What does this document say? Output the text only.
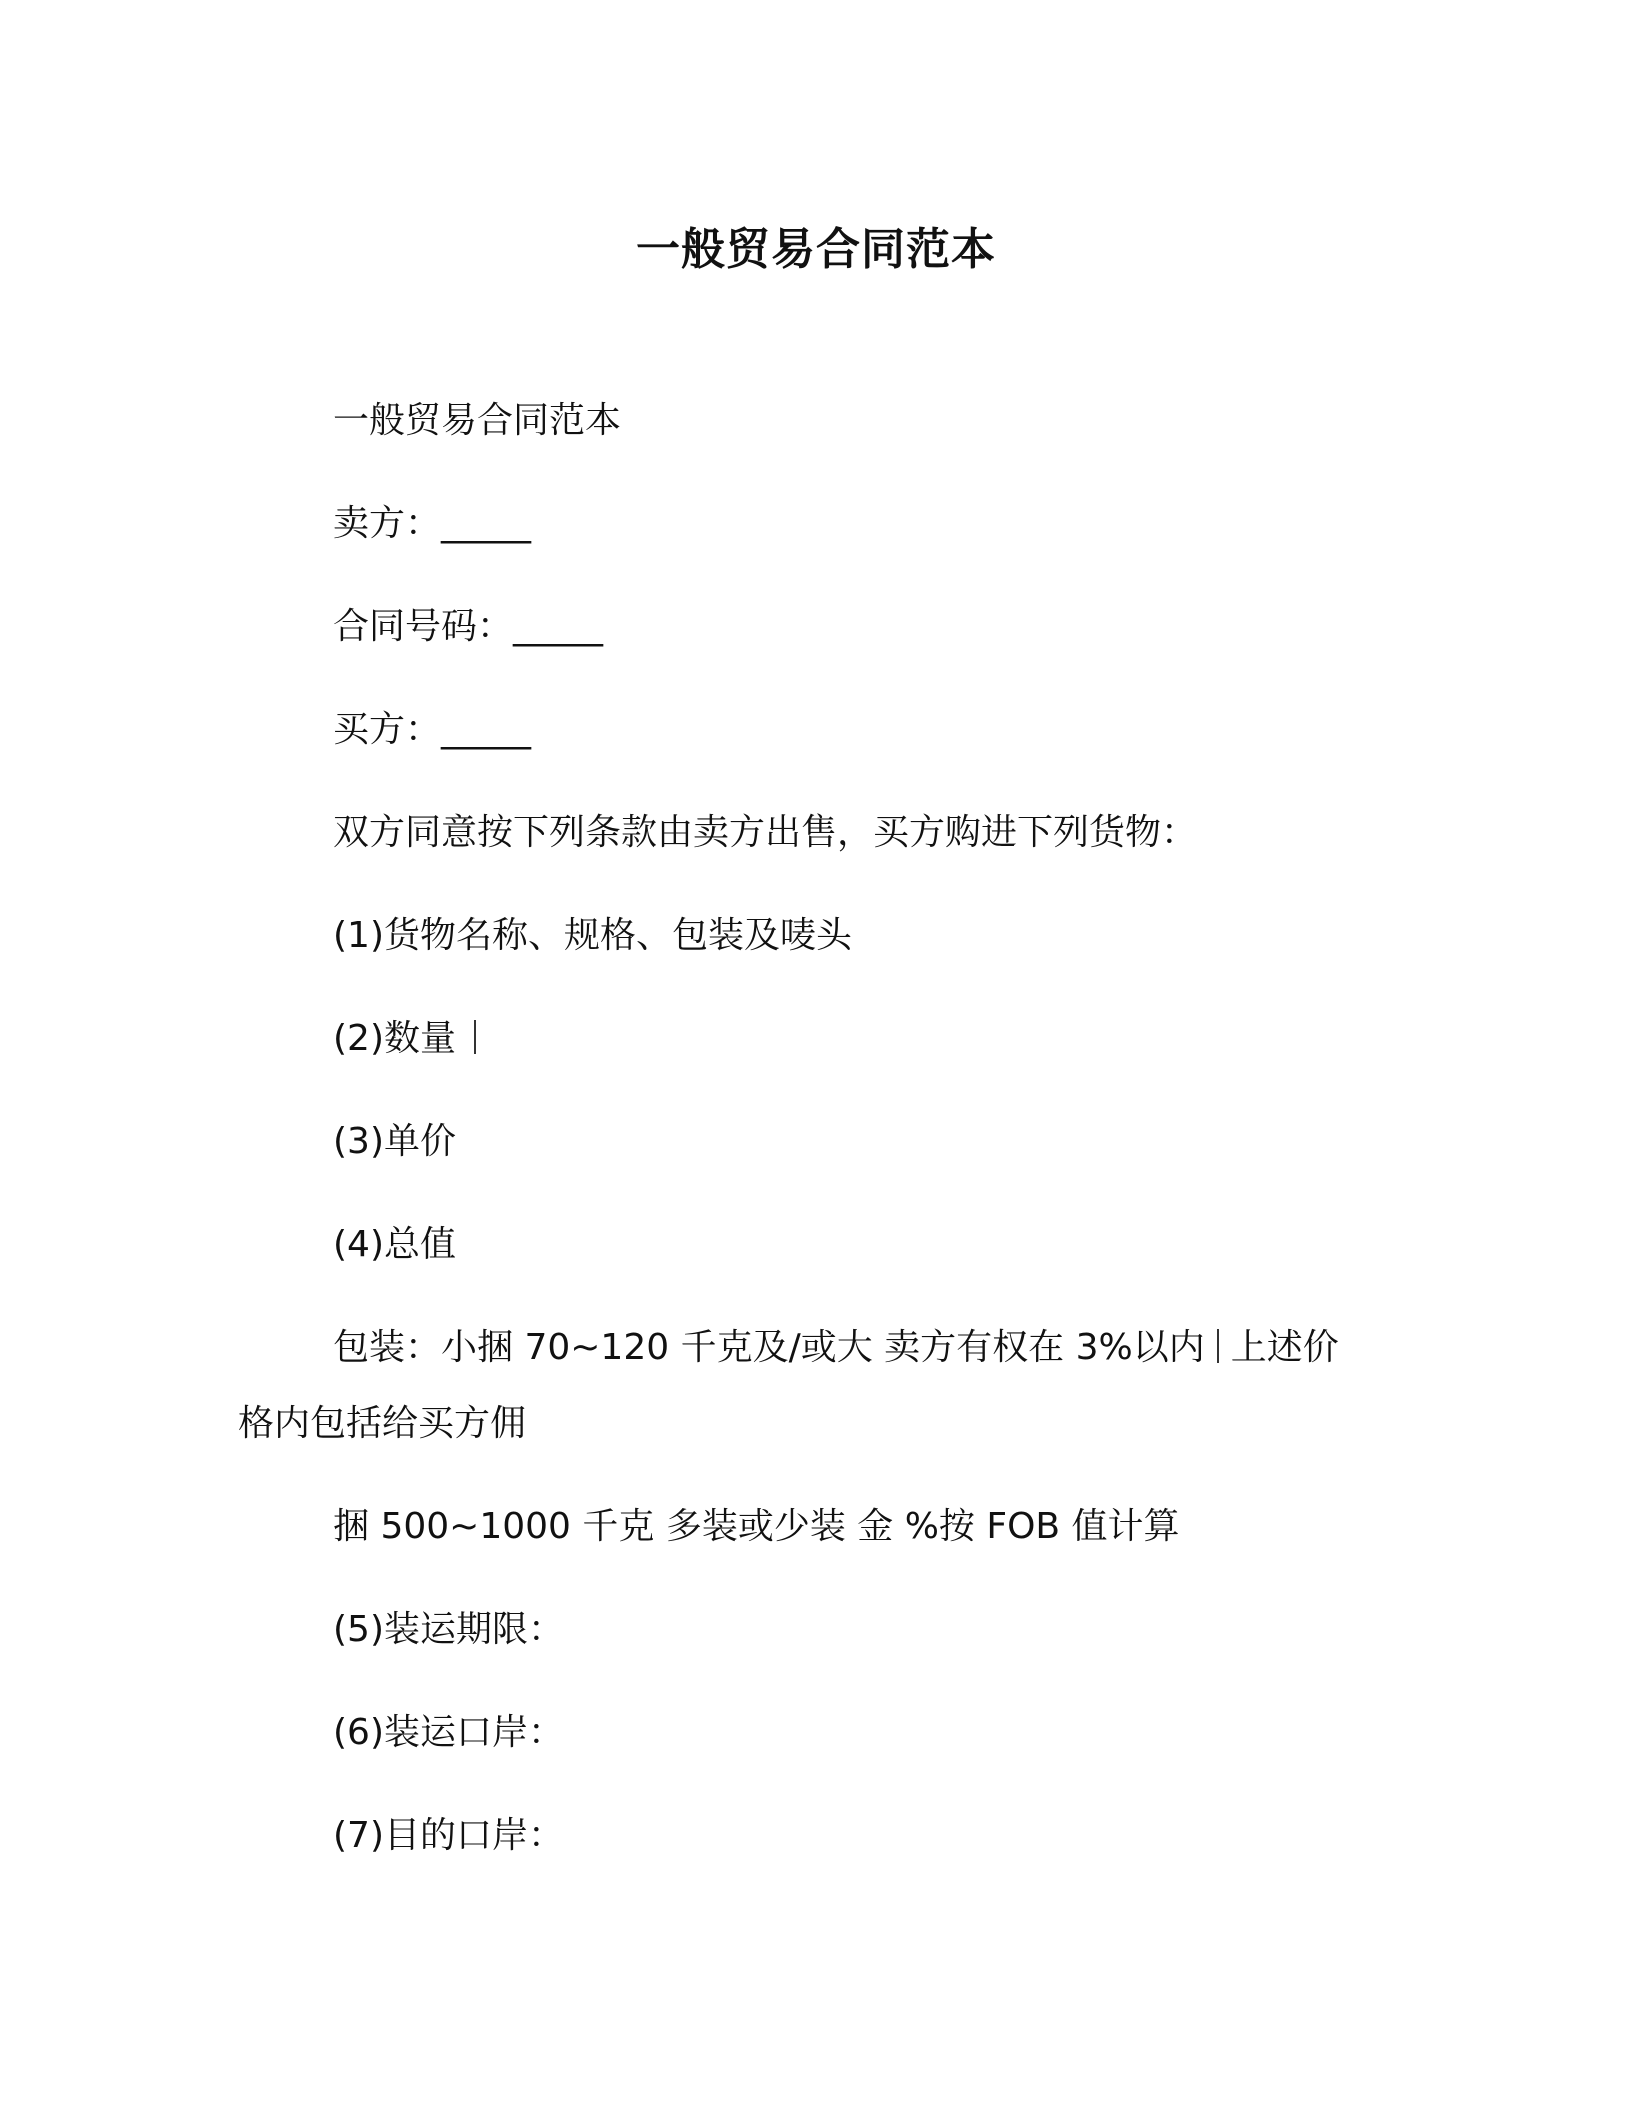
一般贸易合同范本

一般贸易合同范本

卖方：_____

合同号码：_____

买方：_____

双方同意按下列条款由卖方出售，买方购进下列货物：

(1)货物名称、规格、包装及唛头

(2)数量

(3)单价

(4)总值

包装：小捆 70~120 千克及/或大 卖方有权在 3%以内 上述价

格内包括给买方佣

捆 500~1000 千克 多装或少装 金 %按 FOB 值计算

(5)装运期限：

(6)装运口岸：

(7)目的口岸：
